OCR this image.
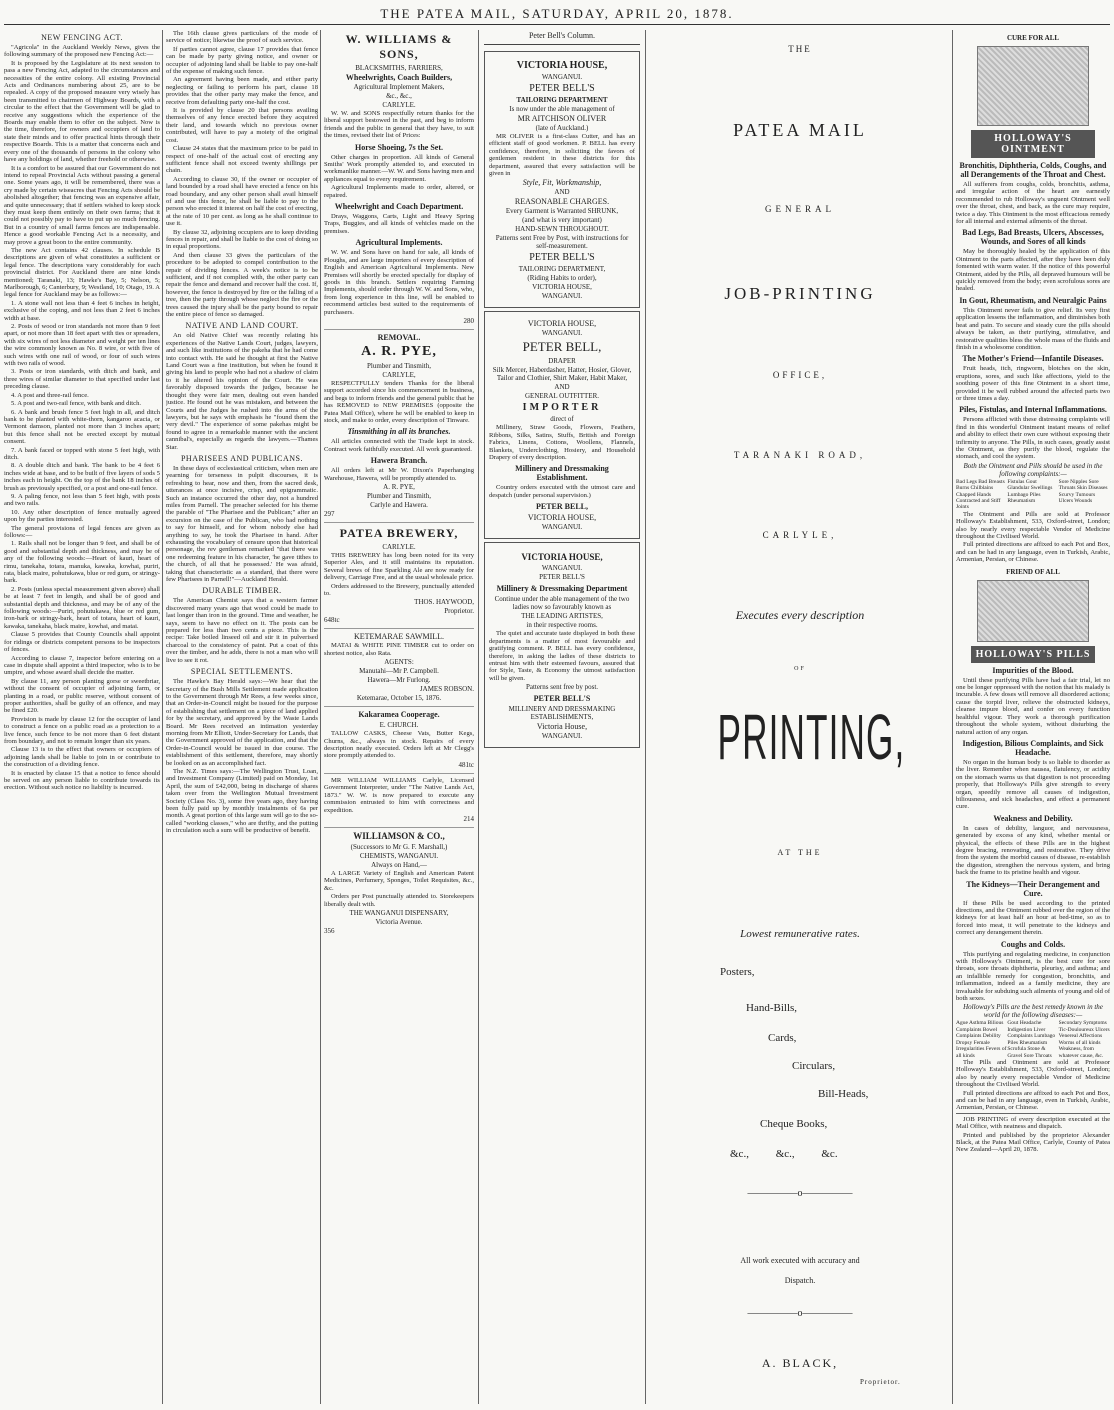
THE PATEA MAIL, SATURDAY, APRIL 20, 1878.
NEW FENCING ACT.

"Agricola" in the Auckland Weekly News, gives the following summary of the proposed new Fencing Act:—

It is proposed by the Legislature at its next session to pass a new Fencing Act, adapted to the circumstances and necessities of the entire colony. All existing Provincial Acts and Ordinances numbering about 25, are to be repealed. A copy of the proposed measure very wisely has been transmitted to chairmen of Highway Boards, with a circular to the effect that the Government will be glad to receive any suggestions which the experience of the Boards may enable them to offer on the subject. Now is the time, therefore, for owners and occupiers of land to state their minds and to offer practical hints through their respective Boards. This is a matter that concerns each and every one of the thousands of persons in the colony who have any holdings of land, whether freehold or otherwise.

It is a comfort to be assured that our Government do not intend to repeal Provincial Acts without passing a general one. Some years ago, it will be remembered, there was a cry made by certain wiseacres that Fencing Acts should be abolished altogether; that fencing was an expensive affair, and quite unnecessary; that if settlers wished to keep stock they must keep them entirely on their own farms; that it could not possibly pay to have to put up so much fencing. But in a country of small farms fences are indispensable. Hence a good workable Fencing Act is a necessity, and may prove a great boon to the entire community.

The new Act contains 42 clauses. In schedule B descriptions are given of what constitutes a sufficient or legal fence. The descriptions vary considerably for each provincial district. For Auckland there are nine kinds mentioned; Taranaki, 13; Hawke's Bay, 5; Nelson, 5; Marlborough, 6; Canterbury, 9; Westland, 10; Otago, 19. A legal fence for Auckland may be as follows:—

1. A stone wall not less than 4 feet 6 inches in height, exclusive of the coping, and not less than 2 feet 6 inches width at base.

2. Posts of wood or iron standards not more than 9 feet apart, or not more than 18 feet apart with ties or spreaders, with six wires of not less diameter and weight per ten lines the wire commonly known as No. 8 wire, or with five of such wires with one rail of wood, or four of such wires with two rails of wood.

3. Posts or iron standards, with ditch and bank, and three wires of similar diameter to that specified under last preceding clause.

4. A post and three-rail fence.

5. A post and two-rail fence, with bank and ditch.

6. A bank and brush fence 5 feet high in all, and ditch bank to be planted with white-thorn, kangaroo acacia, or Vermont damson, planted not more than 3 inches apart; but this fence shall not be erected except by mutual consent.

7. A bank faced or topped with stone 5 feet high, with ditch.

8. A double ditch and bank. The bank to be 4 feet 6 inches wide at base, and to be built of five layers of sods 5 inches each in height. On the top of the bank 18 inches of brush as previously specified, or a post and one-rail fence.

9. A paling fence, not less than 5 feet high, with posts and two rails.

10. Any other description of fence mutually agreed upon by the parties interested.

The general provisions of legal fences are given as follows:—

1. Rails shall not be longer than 9 feet, and shall be of good and substantial depth and thickness, and may be of any of the following woods:—Heart of kauri, heart of rimu, tanekaha, totara, manuka, kawaka, kowhai, puriri, rata, black maire, pohutukawa, blue or red gum, or stringy-bark.

2. Posts (unless special measurement given above) shall be at least 7 feet in length, and shall be of good and substantial depth and thickness, and may be of any of the following woods:—Puriri, pohutukawa, blue or red gum, iron-bark or stringy-bark, heart of totara, heart of kauri, kawaka, tanekaha, black maire, kowhai, and matai.

Clause 5 provides that County Councils shall appoint for ridings or districts competent persons to be inspectors of fences.

According to clause 7, inspector before entering on a case in dispute shall appoint a third inspector, who is to be umpire, and whose award shall decide the matter.

By clause 11, any person planting gorse or sweetbriar, without the consent of occupier of adjoining farm, or planting in a road, or public reserve, without consent of proper authorities, shall be guilty of an offence, and may be fined £20.

Provision is made by clause 12 for the occupier of land to construct a fence on a public road as a protection to a live fence, such fence to be not more than 6 feet distant from boundary, and not to remain longer than six years.

Clause 13 is to the effect that owners or occupiers of adjoining lands shall be liable to join in or contribute to the construction of a dividing fence.

It is enacted by clause 15 that a notice to fence should be served on any person liable to contribute towards its erection. Without such notice no liability is incurred.

The 16th clause gives particulars of the mode of service of notice; likewise the proof of such service.

If parties cannot agree, clause 17 provides that fence can be made by party giving notice, and owner or occupier of adjoining land shall be liable to pay one-half of the expense of making such fence.

An agreement having been made, and either party neglecting or failing to perform his part, clause 18 provides that the other party may make the fence, and receive from defaulting party one-half the cost.

It is provided by clause 20 that persons availing themselves of any fence erected before they acquired their land, and towards which no previous owner contributed, will have to pay a moiety of the original cost.

Clause 24 states that the maximum price to be paid in respect of one-half of the actual cost of erecting any sufficient fence shall not exceed twenty shillings per chain.

According to clause 30, if the owner or occupier of land bounded by a road shall have erected a fence on his road boundary, and any other person shall avail himself of and use this fence, he shall be liable to pay to the person who erected it interest on half the cost of erecting, at the rate of 10 per cent. as long as he shall continue to use it.

By clause 32, adjoining occupiers are to keep dividing fences in repair, and shall be liable to the cost of doing so in equal proportions.

And then clause 33 gives the particulars of the procedure to be adopted to compel contribution to the repair of dividing fences. A week's notice is to be sufficient, and if not complied with, the other party can repair the fence and demand and recover half the cost. If, however, the fence is destroyed by fire or the falling of a tree, then the party through whose neglect the fire or the trees caused the injury shall be the party bound to repair the entire piece of fence so damaged.

NATIVE AND LAND COURT.

An old Native Chief was recently relating his experiences of the Native Lands Court, judges, lawyers, and such like institutions of the pakeha that he had come into contact with. He said he thought at first the Native Land Court was a fine institution, but when he found it giving his land to people who had not a shadow of claim to it he altered his opinion of the Court. He was favorably disposed towards the judges, because he thought they were fair men, dealing out even handed justice. He found out he was mistaken, and between the Courts and the Judges he rushed into the arms of the lawyers, but he says with emphasis he "found them the very devil." The experience of some pakehas might be found to agree in a remarkable manner with the ancient cannibal's, especially as regards the lawyers.—Thames Star.

PHARISEES AND PUBLICANS.

In these days of ecclesiastical criticism, when men are yearning for terseness in pulpit discourses, it is refreshing to hear, now and then, from the sacred desk, utterances at once incisive, crisp, and epigrammatic. Such an instance occurred the other day, not a hundred miles from Parnell. The preacher selected for his theme the parable of "The Pharisee and the Publican;" after an excursion on the case of the Publican, who had nothing to say for himself, and for whom nobody else had anything to say, he took the Pharisee in hand. After exhausting the vocabulary of censure upon that historical personage, the rev gentleman remarked "that there was one redeeming feature in his character, 'he gave tithes to the church, of all that he possessed.' He was afraid, taking that characteristic as a standard, that there were few Pharisees in Parnell!"—Auckland Herald.

DURABLE TIMBER.

The American Chemist says that a western farmer discovered many years ago that wood could be made to last longer than iron in the ground. Time and weather, he says, seem to have no effect on it. The posts can be prepared for less than two cents a piece. This is the recipe: Take boiled linseed oil and stir it in pulverised charcoal to the consistency of paint. Put a coat of this over the timber, and he adds, there is not a man who will live to see it rot.

SPECIAL SETTLEMENTS.

The Hawke's Bay Herald says:—We hear that the Secretary of the Bush Mills Settlement made application to the Government through Mr Rees, a few weeks since, that an Order-in-Council might be issued for the purpose of establishing that settlement on a piece of land applied for by the secretary, and approved by the Waste Lands Board. Mr Rees received an intimation yesterday morning from Mr Elliott, Under-Secretary for Lands, that the Government approved of the application, and that the Order-in-Council would be issued in due course. The establishment of this settlement, therefore, may shortly be looked on as an accomplished fact.

The N.Z. Times says:—The Wellington Trust, Loan, and Investment Company (Limited) paid on Monday, 1st April, the sum of £42,000, being in discharge of shares taken over from the Wellington Mutual Investment Society (Class No. 3), some five years ago, they having been fully paid up by monthly instalments of 6s per month. A great portion of this large sum will go to the so-called "working classes," who are thrifty, and the putting in circulation such a sum will be productive of benefit.

W. WILLIAMS & SONS,
BLACKSMITHS, FARRIERS,
Wheelwrights, Coach Builders,
Agricultural Implement Makers,
&c., &c.,
CARLYLE.

W. W. and SONS respectfully return thanks for the liberal support bestowed in the past, and beg to inform friends and the public in general that they have, to suit the times, revised their list of Prices:

Horse Shoeing, 7s the Set.

Other charges in proportion. All kinds of General Smiths' Work promptly attended to, and executed in workmanlike manner.—W. W. and Sons having men and appliances equal to every requirement.

Agricultural Implements made to order, altered, or repaired.

Wheelwright and Coach Department.

Drays, Waggons, Carts, Light and Heavy Spring Traps, Buggies, and all kinds of vehicles made on the premises.

Agricultural Implements.

W. W. and Sons have on hand for sale, all kinds of Ploughs, and are large importers of every description of English and American Agricultural Implements. New Premises will shortly be erected specially for display of goods in this branch. Settlers requiring Farming Implements, should order through W. W. and Sons, who, from long experience in this line, will be enabled to recommend articles best suited to the requirements of purchasers.

280
REMOVAL.
A. R. PYE,
Plumber and Tinsmith,
CARLYLE,

RESPECTFULLY tenders Thanks for the liberal support accorded since his commencement in business, and begs to inform friends and the general public that he has REMOVED to NEW PREMISES (opposite the Patea Mail Office), where he will be enabled to keep in stock, and make to order, every description of Tinware.

Tinsmithing in all its branches.

All articles connected with the Trade kept in stock. Contract work faithfully executed. All work guaranteed.

Hawera Branch.

All orders left at Mr W. Dixon's Paperhanging Warehouse, Hawera, will be promptly attended to.

A. R. PYE,
Plumber and Tinsmith,
Carlyle and Hawera.
297
PATEA BREWERY,
CARLYLE.

THIS BREWERY has long been noted for its very Superior Ales, and it still maintains its reputation. Several brews of fine Sparkling Ale are now ready for delivery, Carriage Free, and at the usual wholesale price.

Orders addressed to the Brewery, punctually attended to.

THOS. HAYWOOD,
Proprietor.
648tc
KETEMARAE SAWMILL.

MATAI & WHITE PINE TIMBER cut to order on shortest notice, also Rata.

AGENTS:
Manutahi—Mr P. Campbell.
Hawera—Mr Furlong.
JAMES ROBSON.
Ketemarae, October 15, 1876.
Kakaramea Cooperage.
E. CHURCH.

TALLOW CASKS, Cheese Vats, Butter Kegs, Churns, &c., always in stock. Repairs of every description neatly executed. Orders left at Mr Clegg's store promptly attended to.

481tc

MR WILLIAM WILLIAMS Carlyle, Licensed Government Interpreter, under "The Native Lands Act, 1873." W. W. is now prepared to execute any commission entrusted to him with correctness and expedition.

214
WILLIAMSON & CO.,
(Successors to Mr G. F. Marshall,)
CHEMISTS, WANGANUI.
Always on Hand,—

A LARGE Variety of English and American Patent Medicines, Perfumery, Sponges, Toilet Requisites, &c., &c.

Orders per Post punctually attended to. Storekeepers liberally dealt with.

THE WANGANUI DISPENSARY,
Victoria Avenue.
356
Peter Bell's Column.
VICTORIA HOUSE,
WANGANUI.
PETER BELL'S
TAILORING DEPARTMENT
Is now under the able management of
MR AITCHISON OLIVER
(late of Auckland.)

MR OLIVER is a first-class Cutter, and has an efficient staff of good workmen. P. BELL has every confidence, therefore, in soliciting the favors of gentlemen resident in these districts for this department, assured that every satisfaction will be given in

Style, Fit, Workmanship,
AND
REASONABLE CHARGES.
Every Garment is Warranted SHRUNK,
(and what is very important)
HAND-SEWN THROUGHOUT.
Patterns sent Free by Post, with instructions for self-measurement.
PETER BELL'S
TAILORING DEPARTMENT,
(Riding Habits to order),
VICTORIA HOUSE,
WANGANUI.
VICTORIA HOUSE,
WANGANUI.
PETER BELL,
DRAPER
Silk Mercer, Haberdasher, Hatter, Hosier, Glover, Tailor and Clothier, Shirt Maker, Habit Maker,
AND
GENERAL OUTFITTER.
IMPORTER
direct of

Millinery, Straw Goods, Flowers, Feathers, Ribbons, Silks, Satins, Stuffs, British and Foreign Fabrics, Linens, Cottons, Woollens, Flannels, Blankets, Underclothing, Hosiery, and Household Drapery of every description.

Millinery and Dressmaking Establishment.

Country orders executed with the utmost care and despatch (under personal supervision.)

PETER BELL,
VICTORIA HOUSE,
WANGANUI.
VICTORIA HOUSE,
WANGANUI.
PETER BELL'S
Millinery & Dressmaking Department
Continue under the able management of the two ladies now so favourably known as
THE LEADING ARTISTES,
in their respective rooms.

The quiet and accurate taste displayed in both these departments is a matter of most favourable and gratifying comment. P. BELL has every confidence, therefore, in asking the ladies of these districts to entrust him with their esteemed favours, assured that for Style, Taste, & Economy the utmost satisfaction will be given.

Patterns sent free by post.
PETER BELL'S
MILLINERY AND DRESSMAKING ESTABLISHMENTS,
Victoria House,
WANGANUI.
THE
PATEA MAIL
GENERAL
JOB-PRINTING
OFFICE,
TARANAKI ROAD,
CARLYLE,
Executes every description
OF
PRINTING,
AT THE
Lowest remunerative rates.
Posters,
Hand-Bills,
Cards,
Circulars,
Bill-Heads,
Cheque Books,
&c., &c., &c.
—————o—————
All work executed with accuracy and
Dispatch.
—————o—————
A. BLACK,
Proprietor.
CURE FOR ALL
HOLLOWAY'S OINTMENT
Bronchitis, Diphtheria, Colds, Coughs, and all Derangements of the Throat and Chest.

All sufferers from coughs, colds, bronchitis, asthma, and irregular action of the heart are earnestly recommended to rub Holloway's unguent Ointment well over the throat, chest, and back, as the cure may require, twice a day. This Ointment is the most efficacious remedy for all internal and external ailments of the throat.

Bad Legs, Bad Breasts, Ulcers, Abscesses, Wounds, and Sores of all kinds

May be thoroughly healed by the application of this Ointment to the parts affected, after they have been duly fomented with warm water. If the notice of this powerful Ointment, aided by the Pills, all depraved humours will be quickly removed from the body; even scrofulous sores are healed.

In Gout, Rheumatism, and Neuralgic Pains

This Ointment never fails to give relief. Its very first application lessens the inflammation, and diminishes both heat and pain. To secure and steady cure the pills should always be taken, as their purifying, stimulative, and restorative qualities bless the whole mass of the fluids and finish in a wholesome condition.

The Mother's Friend—Infantile Diseases.

Fruit heads, itch, ringworm, blotches on the skin, eruptions, sores, and such like affections, yield to the soothing power of this fine Ointment in a short time, provided it be well rubbed around the affected parts two or three times a day.

Piles, Fistulas, and Internal Inflammations.

Persons afflicted with these distressing complaints will find in this wonderful Ointment instant means of relief and ability to effect their own cure without exposing their infirmity to anyone. The Pills, in such cases, greatly assist the Ointment, as they purify the blood, regulate the stomach, and cool the system.

Both the Ointment and Pills should be used in the following complaints:—
Bad Legs Bad Breasts Burns Chilblains Chapped Hands Contracted and Stiff Joints
Fistulas Gout Glandular Swellings Lumbago Piles Rheumatism
Sore Nipples Sore Throats Skin Diseases Scurvy Tumours Ulcers Wounds

The Ointment and Pills are sold at Professor Holloway's Establishment, 533, Oxford-street, London; also by nearly every respectable Vendor of Medicine throughout the Civilised World.

Full printed directions are affixed to each Pot and Box, and can be had in any language, even in Turkish, Arabic, Armenian, Persian, or Chinese.

FRIEND OF ALL
HOLLOWAY'S PILLS
Impurities of the Blood.

Until these purifying Pills have had a fair trial, let no one be longer oppressed with the notion that his malady is incurable. A few doses will remove all disordered actions; cause the torpid liver, relieve the obstructed kidneys, cleanse impure blood, and confer on every function healthful vigour. They work a thorough purification throughout the whole system, without disturbing the natural action of any organ.

Indigestion, Bilious Complaints, and Sick Headache.

No organ in the human body is so liable to disorder as the liver. Remember when nausea, flatulency, or acidity on the stomach warns us that digestion is not proceeding properly, that Holloway's Pills give strength to every organ, speedily remove all causes of indigestion, biliousness, and sick headaches, and effect a permanent cure.

Weakness and Debility.

In cases of debility, languor, and nervousness, generated by excess of any kind, whether mental or physical, the effects of these Pills are in the highest degree bracing, renovating, and restorative. They drive from the system the morbid causes of disease, re-establish the digestion, strengthen the nervous system, and bring back the frame to its pristine health and vigour.

The Kidneys—Their Derangement and Cure.

If these Pills be used according to the printed directions, and the Ointment rubbed over the region of the kidneys for at least half an hour at bed-time, so as to forced into meat, it will penetrate to the kidneys and correct any derangement therein.

Coughs and Colds.

This purifying and regulating medicine, in conjunction with Holloway's Ointment, is the best cure for sore throats, sore throats diphtheria, pleurisy, and asthma; and an infallible remedy for congestion, bronchitis, and inflammation, indeed as a family medicine, they are invaluable for subduing such ailments of young and old of both sexes.

Holloway's Pills are the best remedy known in the world for the following diseases:—
Ague Asthma Bilious Complaints Bowel Complaints Debility Dropsy Female Irregularities Fevers of all kinds
Gout Headache Indigestion Liver Complaints Lumbago Piles Rheumatism Scrofula Stone & Gravel Sore Throats
Secondary Symptoms Tic-Douloureux Ulcers Venereal Affections Worms of all kinds Weakness, from whatever cause, &c.

The Pills and Ointment are sold at Professor Holloway's Establishment, 533, Oxford-street, London; also by nearly every respectable Vendor of Medicine throughout the Civilised World.

Full printed directions are affixed to each Pot and Box, and can be had in any language, even in Turkish, Arabic, Armenian, Persian, or Chinese.

JOB PRINTING of every description executed at the Mail Office, with neatness and dispatch.

Printed and published by the proprietor Alexander Black, at the Patea Mail Office, Carlyle, County of Patea New Zealand—April 20, 1878.
